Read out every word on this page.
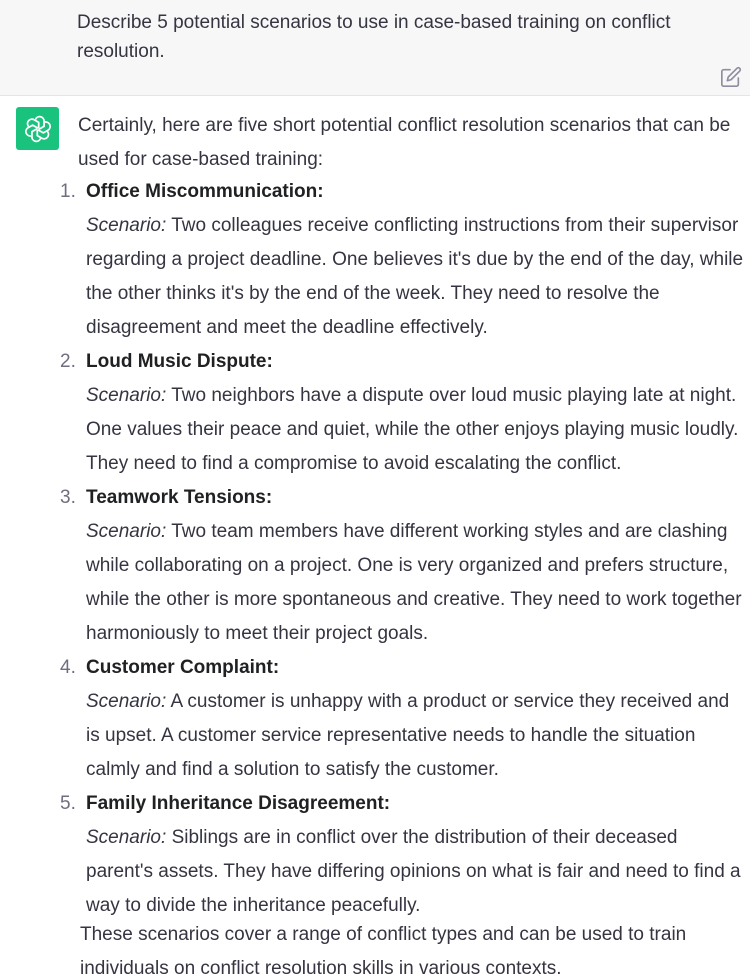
Describe 5 potential scenarios to use in case-based training on conflict resolution.
Certainly, here are five short potential conflict resolution scenarios that can be used for case-based training:
1. Office Miscommunication:
Scenario: Two colleagues receive conflicting instructions from their supervisor regarding a project deadline. One believes it's due by the end of the day, while the other thinks it's by the end of the week. They need to resolve the disagreement and meet the deadline effectively.
2. Loud Music Dispute:
Scenario: Two neighbors have a dispute over loud music playing late at night. One values their peace and quiet, while the other enjoys playing music loudly. They need to find a compromise to avoid escalating the conflict.
3. Teamwork Tensions:
Scenario: Two team members have different working styles and are clashing while collaborating on a project. One is very organized and prefers structure, while the other is more spontaneous and creative. They need to work together harmoniously to meet their project goals.
4. Customer Complaint:
Scenario: A customer is unhappy with a product or service they received and is upset. A customer service representative needs to handle the situation calmly and find a solution to satisfy the customer.
5. Family Inheritance Disagreement:
Scenario: Siblings are in conflict over the distribution of their deceased parent's assets. They have differing opinions on what is fair and need to find a way to divide the inheritance peacefully.
These scenarios cover a range of conflict types and can be used to train individuals on conflict resolution skills in various contexts.
